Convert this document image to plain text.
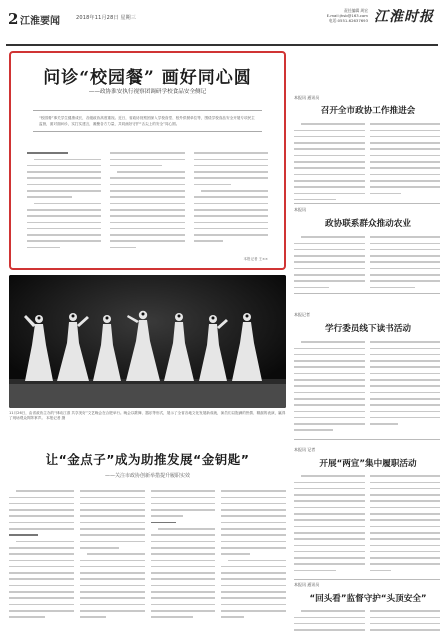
2 江淮要闻	2018年11月28日 星期三
责任编辑 周宏
E-mail:jhsb@163.com
电话:0551-62637693 江淮时报
问诊“校园餐” 画好同心圆
——政协淮安执行视察团调研学校食品安全侧记
“校园餐”事关学生健康成长，各级政协高度重视。近日，省政协视察团深入学校食堂、校外供餐单位等，围绕学校食品安全开展专项民主监督，面对面问诊，实打实建言，凝聚各方力量，共同画好守护“舌尖上的安全”同心圆。
本报记者 王××
本报讯 通讯员
召开全市政协工作推进会
本报讯
政协联系群众推动农业
本报记者
学行委员线下读书活动
本报讯 记者
开展“两宣”集中履职活动
本报讯 通讯员
“回头看”监督守护“头顶安全”
11月26日，由省政协主办的“律动江淮 共享美好”文艺晚会在合肥举行。晚会以歌舞、器乐等形式，展示了全省各地文化发展新成就，演员们以饱满的热情、精湛的表演，赢得了现场观众阵阵掌声。 本报记者 摄
让“金点子”成为助推发展“金钥匙”
——关注市政协创新举措提升履职实效
